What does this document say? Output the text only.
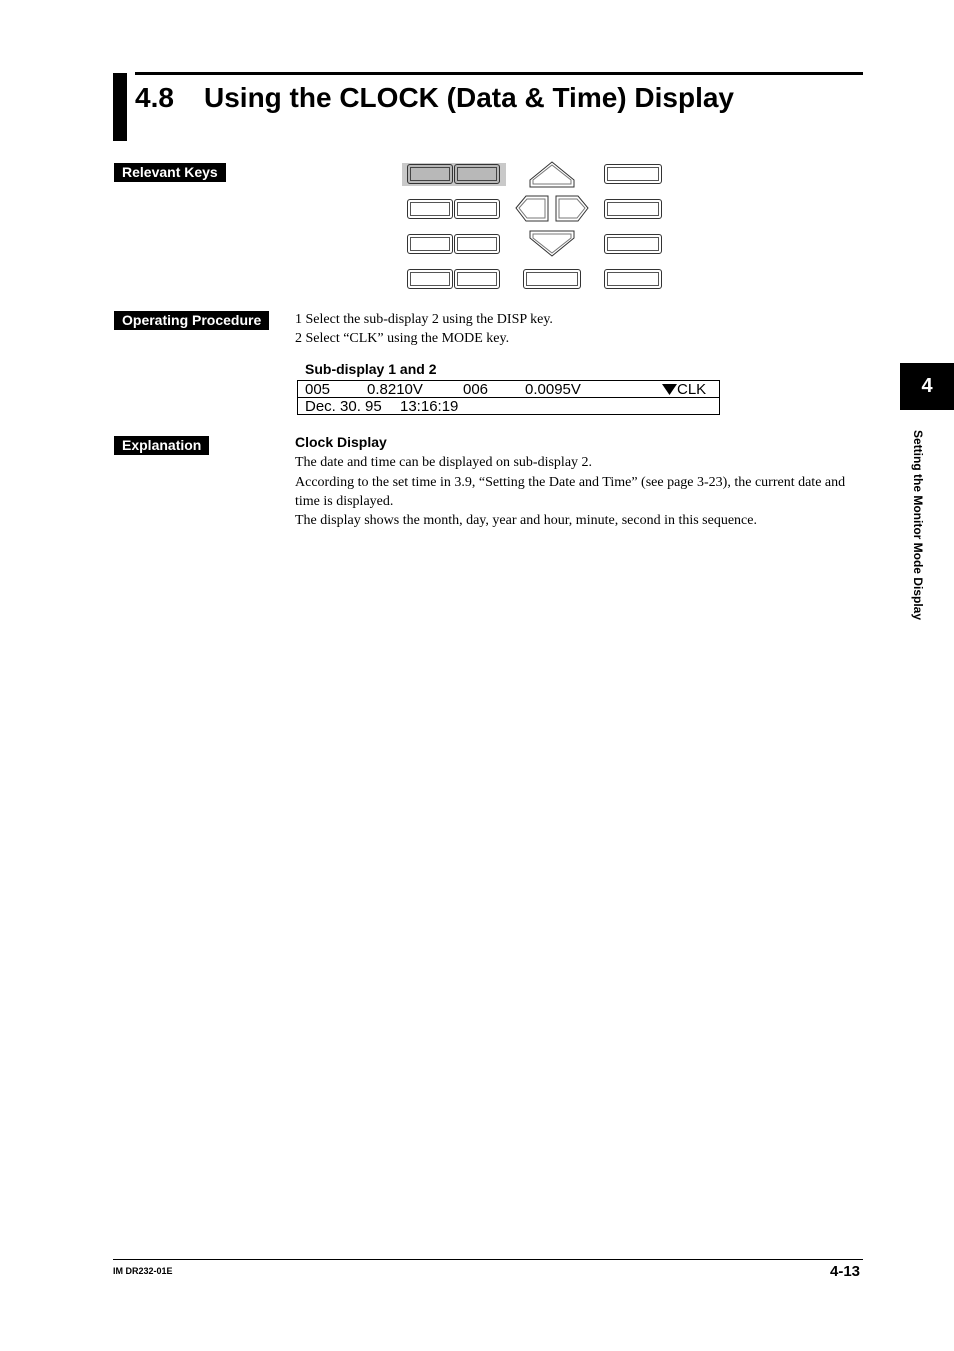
4.8 Using the CLOCK (Data & Time) Display
Relevant Keys
Operating Procedure	1 Select the sub-display 2 using the DISP key.
2 Select “CLK” using the MODE key.
Sub-display 1 and 2
005 0.8210V	006 0.0095V	CLK
Dec. 30. 95 13:16:19
Explanation	Clock Display
The date and time can be displayed on sub-display 2.
According to the set time in 3.9, “Setting the Date and Time” (see page 3-23), the current date and
time is displayed.
The display shows the month, day, year and hour, minute, second in this sequence.
4
Setting the Monitor Mode Display
IM DR232-01E	4-13
